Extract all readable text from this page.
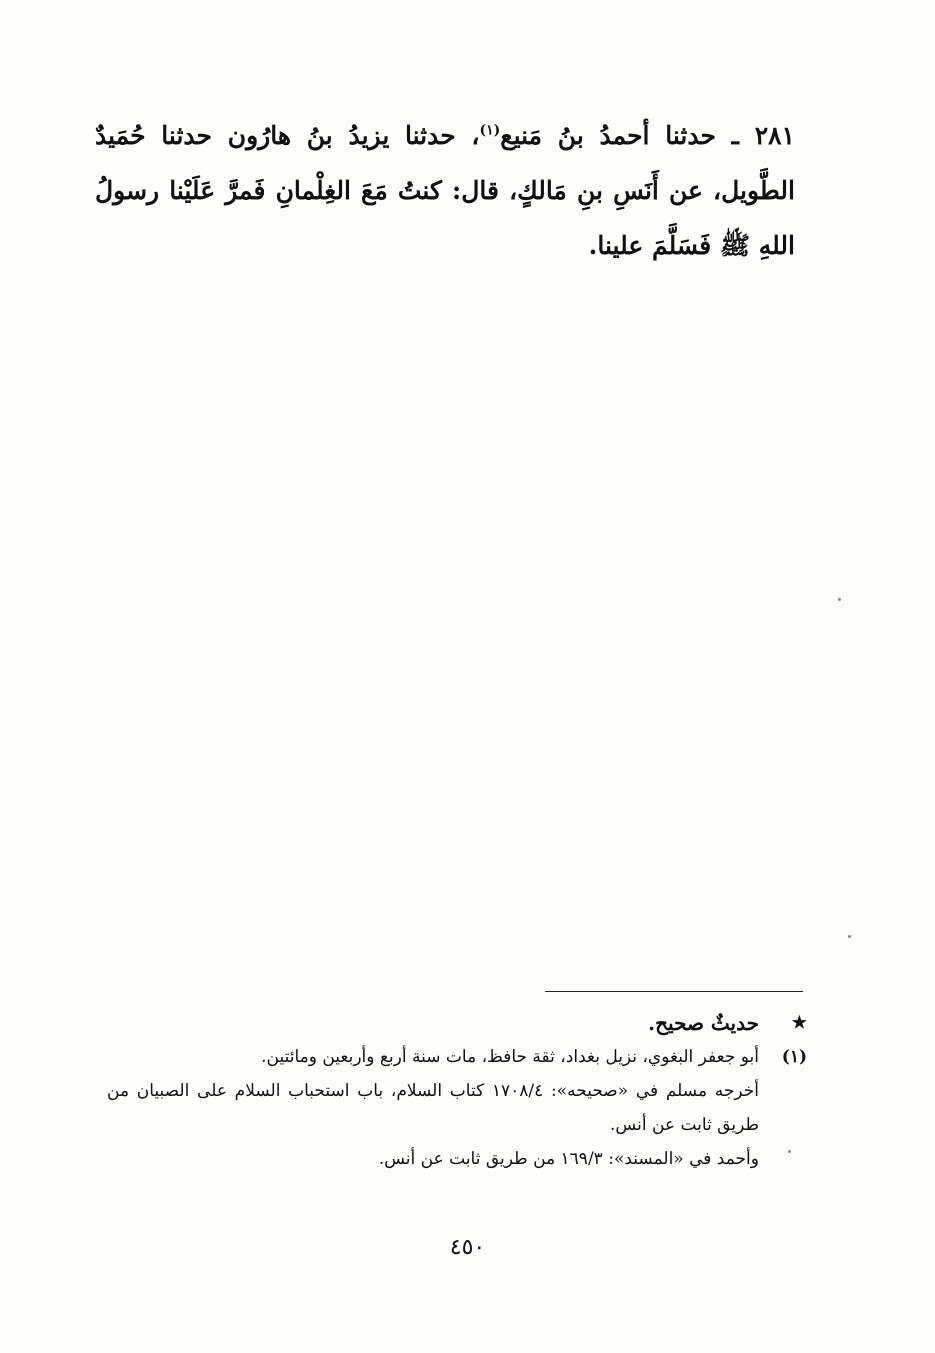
٢٨١ ـ حدثنا أحمدُ بنُ مَنيع$^{(١)}$، حدثنا يزيدُ بنُ هارُون حدثنا حُمَيدٌ الطَّويل، عن أَنَسِ بنِ مَالكٍ، قال: كنتُ مَعَ الغِلْمانِ فَمرَّ عَلَيْنا رسولُ اللهِ ﷺ فَسَلَّمَ علينا.
★
حديثٌ صحيح.
(١)
أبو جعفر البغوي، نزيل بغداد، ثقة حافظ، مات سنة أربع وأربعين ومائتين.
أخرجه مسلم في «صحيحه»: ١٧٠٨/٤ كتاب السلام، باب استحباب السلام على الصبيان من طريق ثابت عن أنس.
وأحمد في «المسند»: ١٦٩/٣ من طريق ثابت عن أنس.
٤٥٠
